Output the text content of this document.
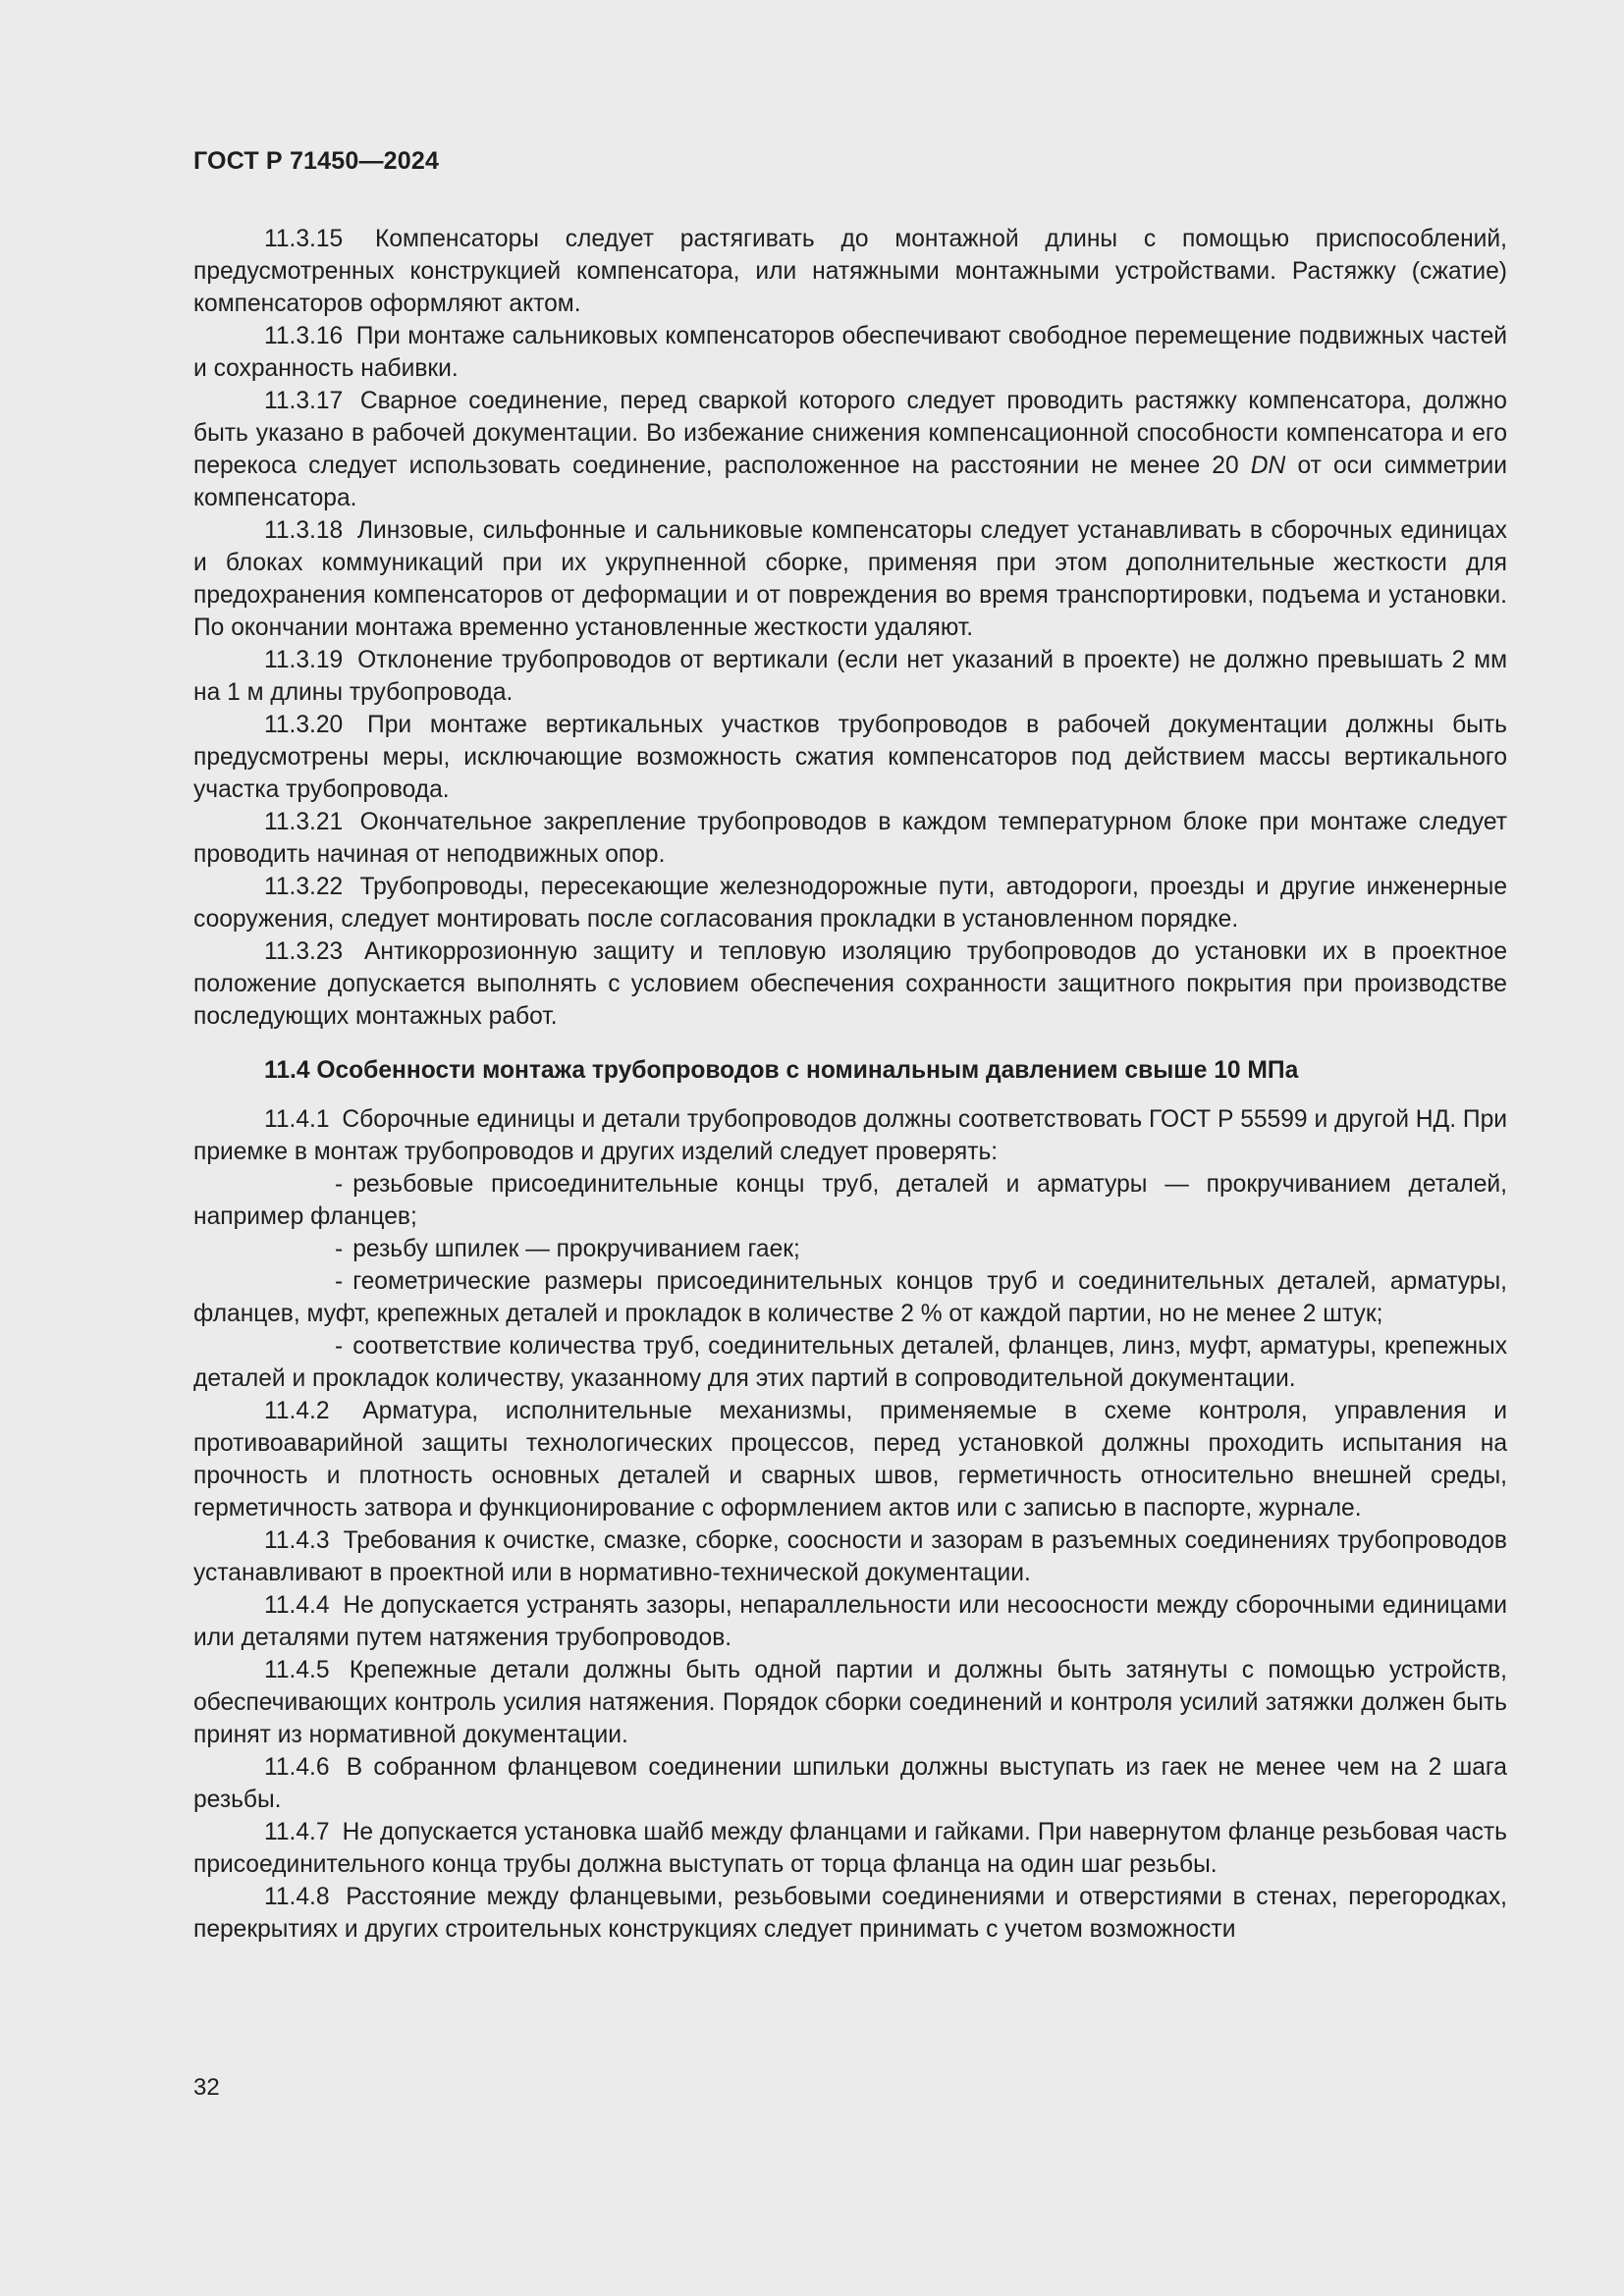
ГОСТ Р 71450—2024

11.3.15 Компенсаторы следует растягивать до монтажной длины с помощью приспособлений, предусмотренных конструкцией компенсатора, или натяжными монтажными устройствами. Растяжку (сжатие) компенсаторов оформляют актом.

11.3.16 При монтаже сальниковых компенсаторов обеспечивают свободное перемещение подвижных частей и сохранность набивки.

11.3.17 Сварное соединение, перед сваркой которого следует проводить растяжку компенсатора, должно быть указано в рабочей документации. Во избежание снижения компенсационной способности компенсатора и его перекоса следует использовать соединение, расположенное на расстоянии не менее 20 DN от оси симметрии компенсатора.

11.3.18 Линзовые, сильфонные и сальниковые компенсаторы следует устанавливать в сборочных единицах и блоках коммуникаций при их укрупненной сборке, применяя при этом дополнительные жесткости для предохранения компенсаторов от деформации и от повреждения во время транспортировки, подъема и установки. По окончании монтажа временно установленные жесткости удаляют.

11.3.19 Отклонение трубопроводов от вертикали (если нет указаний в проекте) не должно превышать 2 мм на 1 м длины трубопровода.

11.3.20 При монтаже вертикальных участков трубопроводов в рабочей документации должны быть предусмотрены меры, исключающие возможность сжатия компенсаторов под действием массы вертикального участка трубопровода.

11.3.21 Окончательное закрепление трубопроводов в каждом температурном блоке при монтаже следует проводить начиная от неподвижных опор.

11.3.22 Трубопроводы, пересекающие железнодорожные пути, автодороги, проезды и другие инженерные сооружения, следует монтировать после согласования прокладки в установленном порядке.

11.3.23 Антикоррозионную защиту и тепловую изоляцию трубопроводов до установки их в проектное положение допускается выполнять с условием обеспечения сохранности защитного покрытия при производстве последующих монтажных работ.

11.4 Особенности монтажа трубопроводов с номинальным давлением свыше 10 МПа

11.4.1 Сборочные единицы и детали трубопроводов должны соответствовать ГОСТ Р 55599 и другой НД. При приемке в монтаж трубопроводов и других изделий следует проверять:

- резьбовые присоединительные концы труб, деталей и арматуры — прокручиванием деталей, например фланцев;

- резьбу шпилек — прокручиванием гаек;

- геометрические размеры присоединительных концов труб и соединительных деталей, арматуры, фланцев, муфт, крепежных деталей и прокладок в количестве 2 % от каждой партии, но не менее 2 штук;

- соответствие количества труб, соединительных деталей, фланцев, линз, муфт, арматуры, крепежных деталей и прокладок количеству, указанному для этих партий в сопроводительной документации.

11.4.2 Арматура, исполнительные механизмы, применяемые в схеме контроля, управления и противоаварийной защиты технологических процессов, перед установкой должны проходить испытания на прочность и плотность основных деталей и сварных швов, герметичность относительно внешней среды, герметичность затвора и функционирование с оформлением актов или с записью в паспорте, журнале.

11.4.3 Требования к очистке, смазке, сборке, соосности и зазорам в разъемных соединениях трубопроводов устанавливают в проектной или в нормативно-технической документации.

11.4.4 Не допускается устранять зазоры, непараллельности или несоосности между сборочными единицами или деталями путем натяжения трубопроводов.

11.4.5 Крепежные детали должны быть одной партии и должны быть затянуты с помощью устройств, обеспечивающих контроль усилия натяжения. Порядок сборки соединений и контроля усилий затяжки должен быть принят из нормативной документации.

11.4.6 В собранном фланцевом соединении шпильки должны выступать из гаек не менее чем на 2 шага резьбы.

11.4.7 Не допускается установка шайб между фланцами и гайками. При навернутом фланце резьбовая часть присоединительного конца трубы должна выступать от торца фланца на один шаг резьбы.

11.4.8 Расстояние между фланцевыми, резьбовыми соединениями и отверстиями в стенах, перегородках, перекрытиях и других строительных конструкциях следует принимать с учетом возможности

32
